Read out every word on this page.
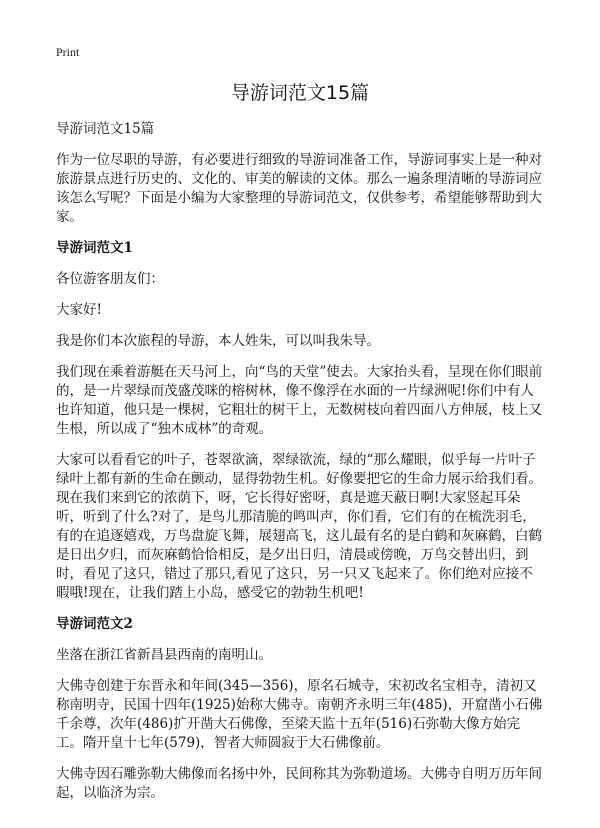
Print
导游词范文15篇

导游词范文15篇

作为一位尽职的导游，有必要进行细致的导游词准备工作，导游词事实上是一种对旅游景点进行历史的、文化的、审美的解读的文体。那么一遍条理清晰的导游词应该怎么写呢？下面是小编为大家整理的导游词范文，仅供参考，希望能够帮助到大家。

导游词范文1

各位游客朋友们：

大家好!

我是你们本次旅程的导游，本人姓朱，可以叫我朱导。

我们现在乘着游艇在天马河上，向“鸟的天堂”使去。大家抬头看，呈现在你们眼前的，是一片翠绿而茂盛茂咪的榕树林，像不像浮在水面的一片绿洲呢!你们中有人也许知道，他只是一棵树，它粗壮的树干上，无数树枝向着四面八方伸展，枝上又生根，所以成了“独木成林”的奇观。

大家可以看看它的叶子，苍翠欲滴，翠绿欲流，绿的“那么耀眼，似乎每一片叶子绿叶上都有新的生命在颤动，显得勃勃生机。好像要把它的生命力展示给我们看。现在我们来到它的浓荫下，呀，它长得好密呀，真是遮天蔽日啊!大家竖起耳朵听，听到了什么?对了，是鸟儿那清脆的鸣叫声，你们看，它们有的在梳洗羽毛，有的在追逐嬉戏，万鸟盘旋飞舞，展翅高飞，这儿最有名的是白鹤和灰麻鹤，白鹤是日出夕归，而灰麻鹤恰恰相反，是夕出日归，清晨或傍晚，万鸟交替出归，到时，看见了这只，错过了那只,看见了这只，另一只又飞起来了。你们绝对应接不暇哦!现在，让我们踏上小岛，感受它的勃勃生机吧!

导游词范文2

坐落在浙江省新昌县西南的南明山。

大佛寺创建于东晋永和年间(345—356)，原名石城寺，宋初改名宝相寺，清初又称南明寺，民国十四年(1925)始称大佛寺。南朝齐永明三年(485)，开窟凿小石佛千余尊，次年(486)扩开凿大石佛像，至梁天监十五年(516)石弥勒大像方始完工。隋开皇十七年(579)，智者大师圆寂于大石佛像前。

大佛寺因石雕弥勒大佛像而名扬中外，民间称其为弥勒道场。大佛寺自明万历年间起，以临济为宗。
